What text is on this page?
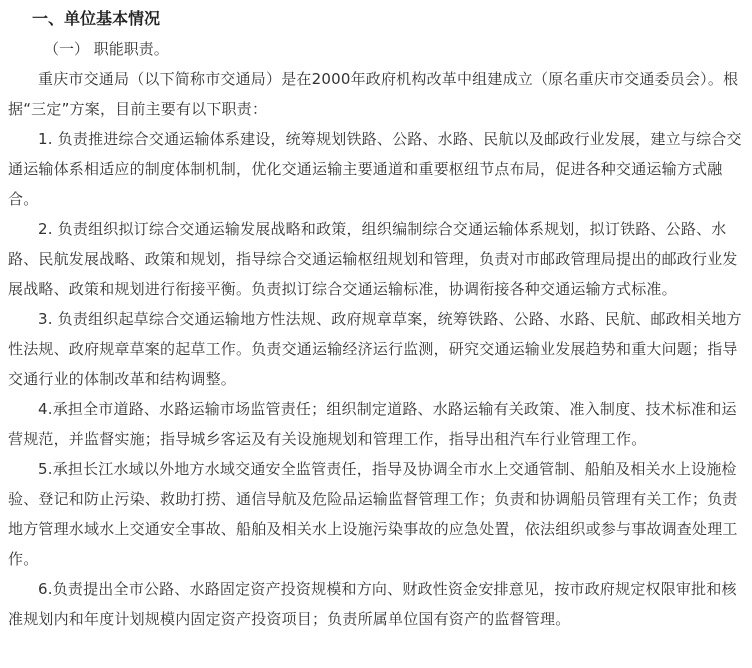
一、单位基本情况
（一） 职能职责。

重庆市交通局（以下简称市交通局）是在2000年政府机构改革中组建成立（原名重庆市交通委员会）。根据“三定”方案，目前主要有以下职责：

1. 负责推进综合交通运输体系建设，统筹规划铁路、公路、水路、民航以及邮政行业发展，建立与综合交通运输体系相适应的制度体制机制，优化交通运输主要通道和重要枢纽节点布局，促进各种交通运输方式融合。

2. 负责组织拟订综合交通运输发展战略和政策，组织编制综合交通运输体系规划，拟订铁路、公路、水路、民航发展战略、政策和规划，指导综合交通运输枢纽规划和管理，负责对市邮政管理局提出的邮政行业发展战略、政策和规划进行衔接平衡。负责拟订综合交通运输标准，协调衔接各种交通运输方式标准。

3. 负责组织起草综合交通运输地方性法规、政府规章草案，统筹铁路、公路、水路、民航、邮政相关地方性法规、政府规章草案的起草工作。负责交通运输经济运行监测，研究交通运输业发展趋势和重大问题；指导交通行业的体制改革和结构调整。

4.承担全市道路、水路运输市场监管责任；组织制定道路、水路运输有关政策、准入制度、技术标准和运营规范，并监督实施；指导城乡客运及有关设施规划和管理工作，指导出租汽车行业管理工作。

5.承担长江水域以外地方水域交通安全监管责任，指导及协调全市水上交通管制、船舶及相关水上设施检验、登记和防止污染、救助打捞、通信导航及危险品运输监督管理工作；负责和协调船员管理有关工作；负责地方管理水域水上交通安全事故、船舶及相关水上设施污染事故的应急处置，依法组织或参与事故调查处理工作。

6.负责提出全市公路、水路固定资产投资规模和方向、财政性资金安排意见，按市政府规定权限审批和核准规划内和年度计划规模内固定资产投资项目；负责所属单位国有资产的监督管理。
